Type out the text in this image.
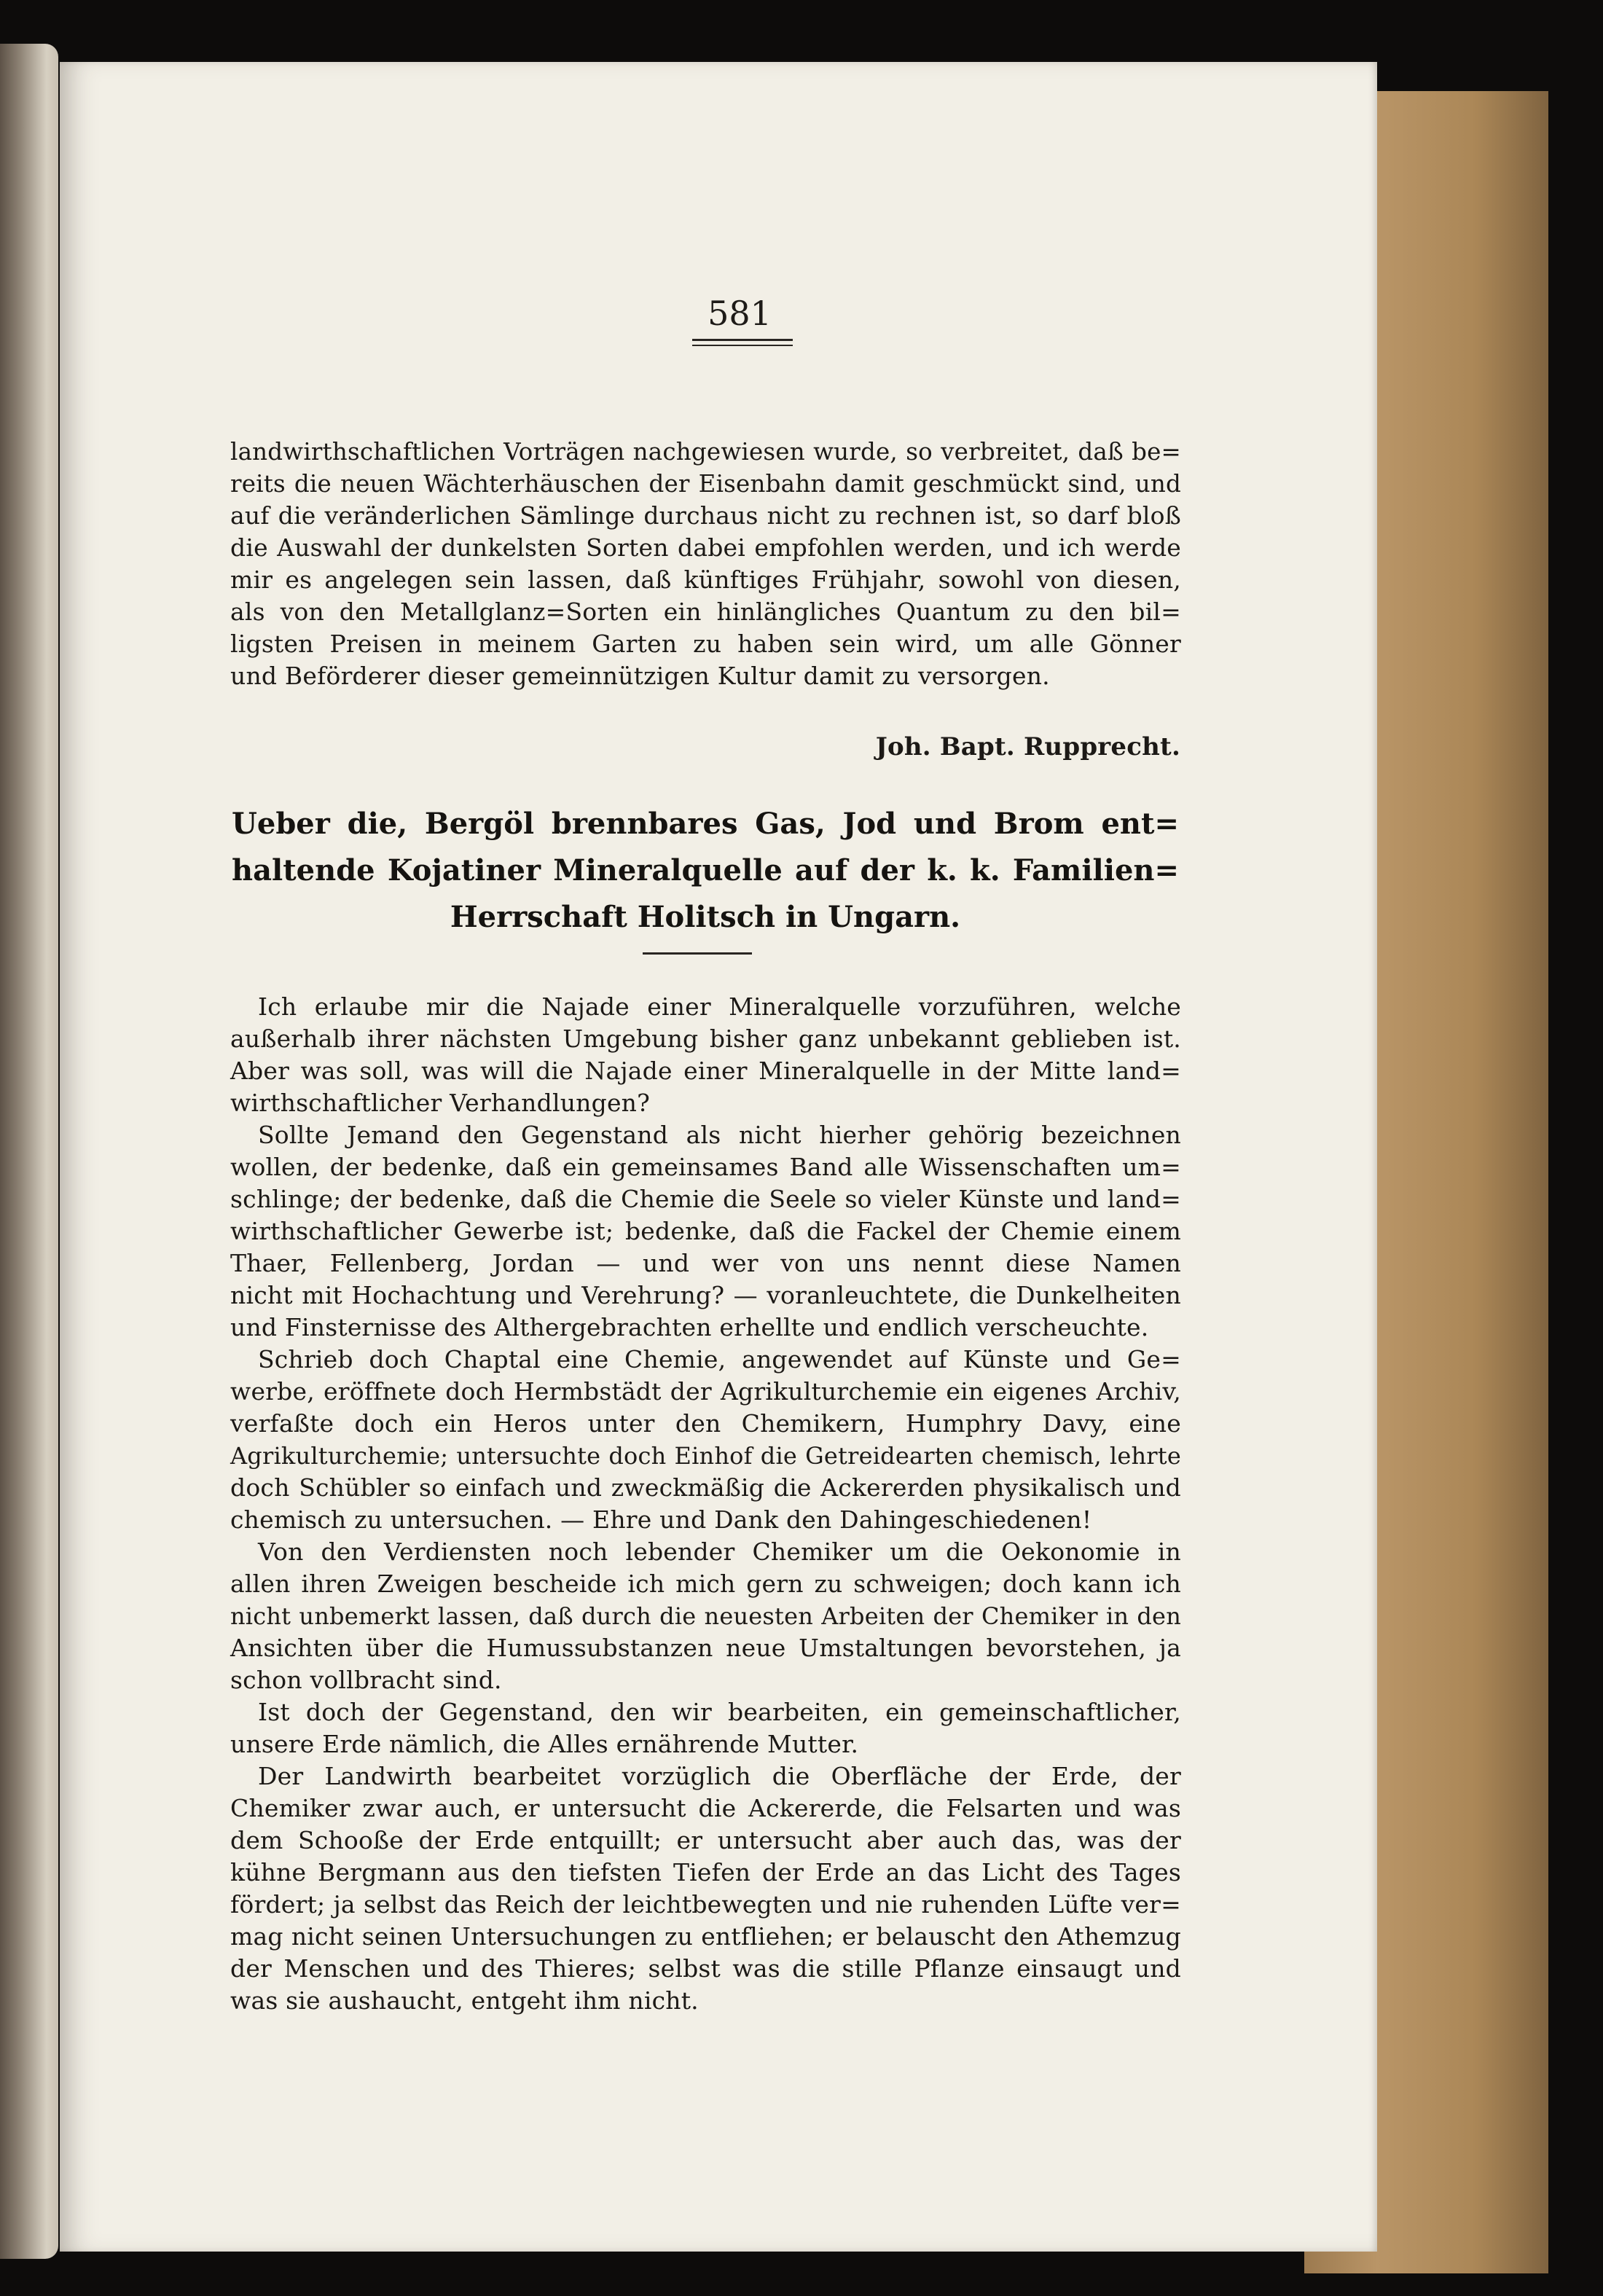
581
landwirthschaftlichen Vorträgen nachgewiesen wurde, so verbreitet, daß be=
reits die neuen Wächterhäuschen der Eisenbahn damit geschmückt sind, und
auf die veränderlichen Sämlinge durchaus nicht zu rechnen ist, so darf bloß
die Auswahl der dunkelsten Sorten dabei empfohlen werden, und ich werde
mir es angelegen sein lassen, daß künftiges Frühjahr, sowohl von diesen,
als von den Metallglanz=Sorten ein hinlängliches Quantum zu den bil=
ligsten Preisen in meinem Garten zu haben sein wird, um alle Gönner
und Beförderer dieser gemeinnützigen Kultur damit zu versorgen.
Joh. Bapt. Rupprecht.
Ueber die, Bergöl brennbares Gas, Jod und Brom ent=
haltende Kojatiner Mineralquelle auf der k. k. Familien=
Herrschaft Holitsch in Ungarn.
Ich erlaube mir die Najade einer Mineralquelle vorzuführen, welche
außerhalb ihrer nächsten Umgebung bisher ganz unbekannt geblieben ist.
Aber was soll, was will die Najade einer Mineralquelle in der Mitte land=
wirthschaftlicher Verhandlungen?
Sollte Jemand den Gegenstand als nicht hierher gehörig bezeichnen
wollen, der bedenke, daß ein gemeinsames Band alle Wissenschaften um=
schlinge; der bedenke, daß die Chemie die Seele so vieler Künste und land=
wirthschaftlicher Gewerbe ist; bedenke, daß die Fackel der Chemie einem
Thaer, Fellenberg, Jordan — und wer von uns nennt diese Namen
nicht mit Hochachtung und Verehrung? — voranleuchtete, die Dunkelheiten
und Finsternisse des Althergebrachten erhellte und endlich verscheuchte.
Schrieb doch Chaptal eine Chemie, angewendet auf Künste und Ge=
werbe, eröffnete doch Hermbstädt der Agrikulturchemie ein eigenes Archiv,
verfaßte doch ein Heros unter den Chemikern, Humphry Davy, eine
Agrikulturchemie; untersuchte doch Einhof die Getreidearten chemisch, lehrte
doch Schübler so einfach und zweckmäßig die Ackererden physikalisch und
chemisch zu untersuchen. — Ehre und Dank den Dahingeschiedenen!
Von den Verdiensten noch lebender Chemiker um die Oekonomie in
allen ihren Zweigen bescheide ich mich gern zu schweigen; doch kann ich
nicht unbemerkt lassen, daß durch die neuesten Arbeiten der Chemiker in den
Ansichten über die Humussubstanzen neue Umstaltungen bevorstehen, ja
schon vollbracht sind.
Ist doch der Gegenstand, den wir bearbeiten, ein gemeinschaftlicher,
unsere Erde nämlich, die Alles ernährende Mutter.
Der Landwirth bearbeitet vorzüglich die Oberfläche der Erde, der
Chemiker zwar auch, er untersucht die Ackererde, die Felsarten und was
dem Schooße der Erde entquillt; er untersucht aber auch das, was der
kühne Bergmann aus den tiefsten Tiefen der Erde an das Licht des Tages
fördert; ja selbst das Reich der leichtbewegten und nie ruhenden Lüfte ver=
mag nicht seinen Untersuchungen zu entfliehen; er belauscht den Athemzug
der Menschen und des Thieres; selbst was die stille Pflanze einsaugt und
was sie aushaucht, entgeht ihm nicht.
